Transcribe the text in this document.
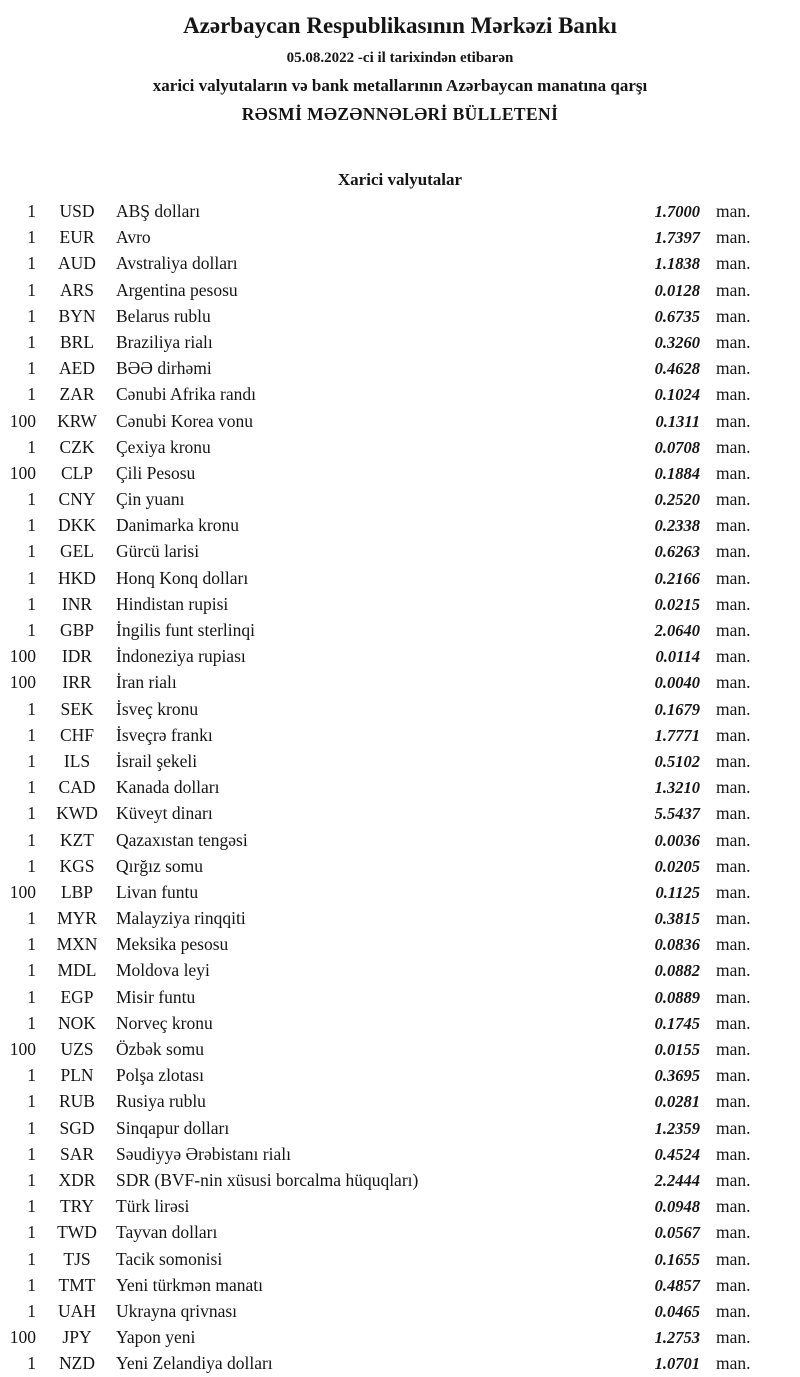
Azərbaycan Respublikasının Mərkəzi Bankı
05.08.2022 -ci il tarixindən etibarən
xarici valyutaların və bank metallarının Azərbaycan manatına qarşı
RƏSMİ MƏZƏNNƏLƏRİ BÜLLETENİ
Xarici valyutalar
1	USD	ABŞ dolları	1.7000 man.
1	EUR	Avro	1.7397 man.
1	AUD	Avstraliya dolları	1.1838 man.
1	ARS	Argentina pesosu	0.0128 man.
1	BYN	Belarus rublu	0.6735 man.
1	BRL	Braziliya rialı	0.3260 man.
1	AED	BƏƏ dirhəmi	0.4628 man.
1	ZAR	Cənubi Afrika randı	0.1024 man.
100	KRW	Cənubi Korea vonu	0.1311 man.
1	CZK	Çexiya kronu	0.0708 man.
100	CLP	Çili Pesosu	0.1884 man.
1	CNY	Çin yuanı	0.2520 man.
1	DKK	Danimarka kronu	0.2338 man.
1	GEL	Gürcü larisi	0.6263 man.
1	HKD	Honq Konq dolları	0.2166 man.
1	INR	Hindistan rupisi	0.0215 man.
1	GBP	İngilis funt sterlinqi	2.0640 man.
100	IDR	İndoneziya rupiası	0.0114 man.
100	IRR	İran rialı	0.0040 man.
1	SEK	İsveç kronu	0.1679 man.
1	CHF	İsveçrə frankı	1.7771 man.
1	ILS	İsrail şekeli	0.5102 man.
1	CAD	Kanada dolları	1.3210 man.
1	KWD	Küveyt dinarı	5.5437 man.
1	KZT	Qazaxıstan tengəsi	0.0036 man.
1	KGS	Qırğız somu	0.0205 man.
100	LBP	Livan funtu	0.1125 man.
1	MYR	Malayziya rinqqiti	0.3815 man.
1	MXN	Meksika pesosu	0.0836 man.
1	MDL	Moldova leyi	0.0882 man.
1	EGP	Misir funtu	0.0889 man.
1	NOK	Norveç kronu	0.1745 man.
100	UZS	Özbək somu	0.0155 man.
1	PLN	Polşa zlotası	0.3695 man.
1	RUB	Rusiya rublu	0.0281 man.
1	SGD	Sinqapur dolları	1.2359 man.
1	SAR	Səudiyyə Ərəbistanı rialı	0.4524 man.
1	XDR	SDR (BVF-nin xüsusi borcalma hüquqları)	2.2444 man.
1	TRY	Türk lirəsi	0.0948 man.
1	TWD	Tayvan dolları	0.0567 man.
1	TJS	Tacik somonisi	0.1655 man.
1	TMT	Yeni türkmən manatı	0.4857 man.
1	UAH	Ukrayna qrivnası	0.0465 man.
100	JPY	Yapon yeni	1.2753 man.
1	NZD	Yeni Zelandiya dolları	1.0701 man.
